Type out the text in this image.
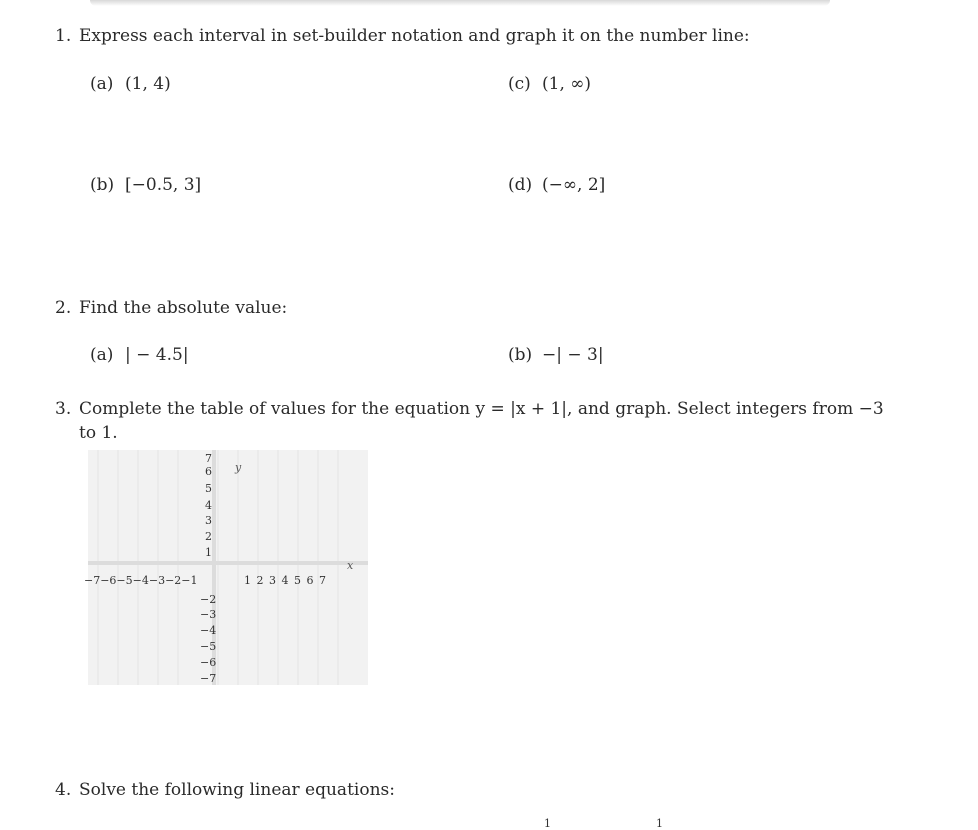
1. Express each interval in set-builder notation and graph it on the number line:
(a) (1, 4)	(c) (1, ∞)
(b) [−0.5, 3]	(d) (−∞, 2]
2. Find the absolute value:
(a) | − 4.5|	(b) −| − 3|
3. Complete the table of values for the equation y = |x + 1|, and graph. Select integers from −3
to 1.
y
x
7
6
5
4
3
2
1
−7−6−5−4−3−2−1	1 2 3 4 5 6 7
−2
−3
−4
−5
−6
−7
4. Solve the following linear equations:
1	1
